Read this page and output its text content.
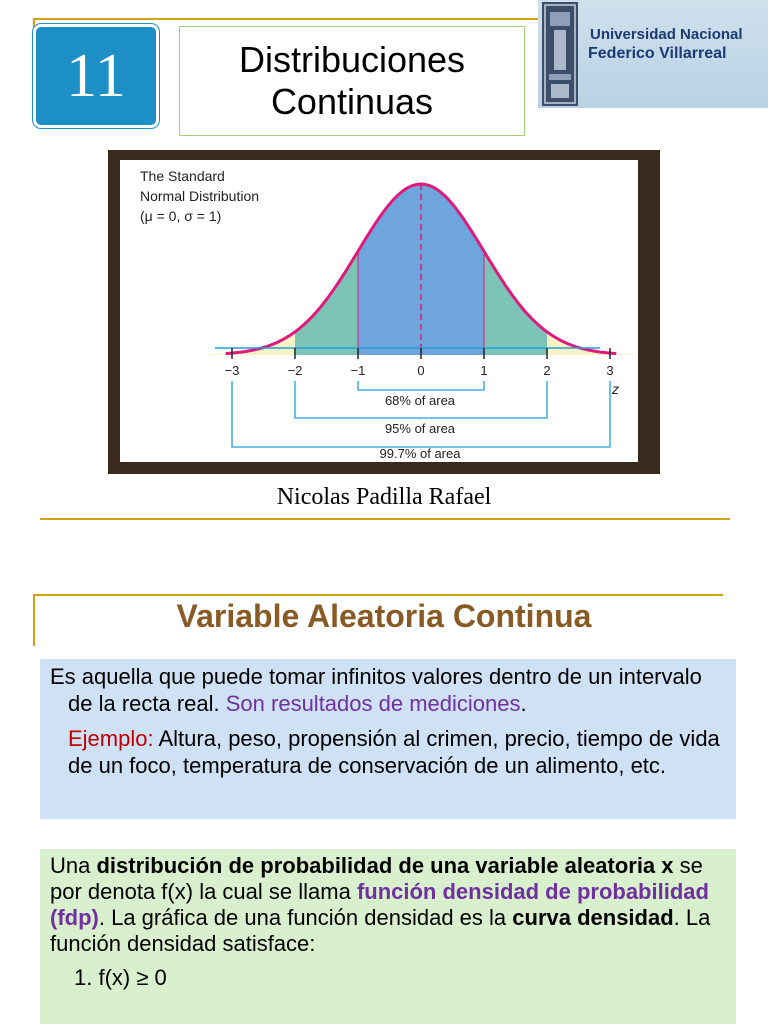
11	Distribuciones
Continuas
Universidad Nacional
Federico Villarreal
−3	−2	−1	0	1	2	3
The Standard
Normal Distribution
(μ = 0, σ = 1)
z
68% of area
95% of area
99.7% of area
Nicolas Padilla Rafael
Variable Aleatoria Continua

Es aquella que puede tomar infinitos valores dentro de un intervalo de la recta real. Son resultados de mediciones.

Ejemplo: Altura, peso, propensión al crimen, precio, tiempo de vida de un foco, temperatura de conservación de un alimento, etc.

Una distribución de probabilidad de una variable aleatoria x se por denota f(x) la cual se llama función densidad de probabilidad (fdp). La gráfica de una función densidad es la curva densidad. La función densidad satisface:

1. f(x) ≥ 0
